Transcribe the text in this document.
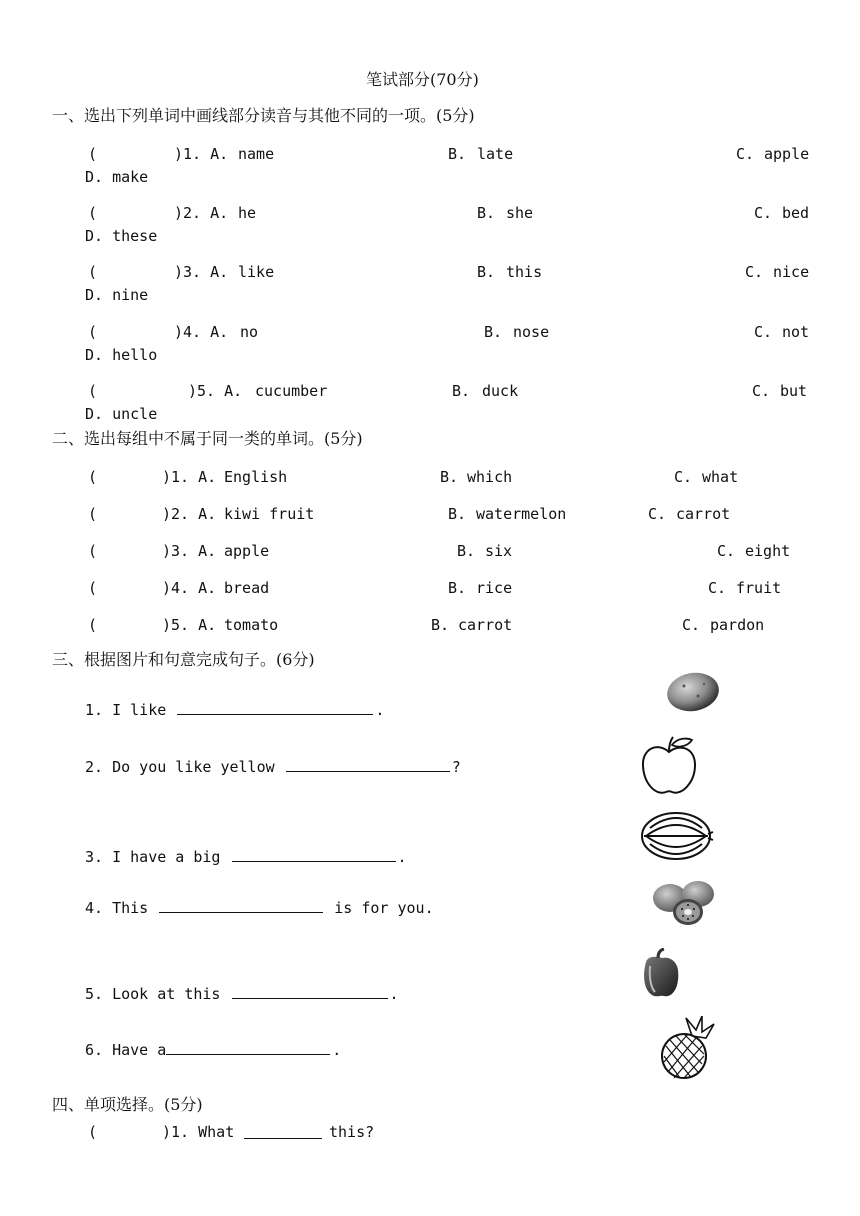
笔试部分(70分)
一、选出下列单词中画线部分读音与其他不同的一项。(5分)
(	)1. A. name	B. late	C. apple
D. make
(	)2. A. he	B. she	C. bed
D. these
(	)3. A. like	B. this	C. nice
D. nine
(	)4. A. no	B. nose	C. not
D. hello
(	)5. A. cucumber	B. duck	C. but
D. uncle
二、选出每组中不属于同一类的单词。(5分)
(	)1. A. English	B. which	C. what
(	)2. A. kiwi fruit	B. watermelon	C. carrot
(	)3. A. apple	B. six	C. eight
(	)4. A. bread	B. rice	C. fruit
(	)5. A. tomato	B. carrot	C. pardon
三、根据图片和句意完成句子。(6分)
1. I like	.
2. Do you like yellow	?
3. I have a big	.
4. This	is for you.
5. Look at this	.
6. Have a	.
四、单项选择。(5分)
(	)1. What	this?
